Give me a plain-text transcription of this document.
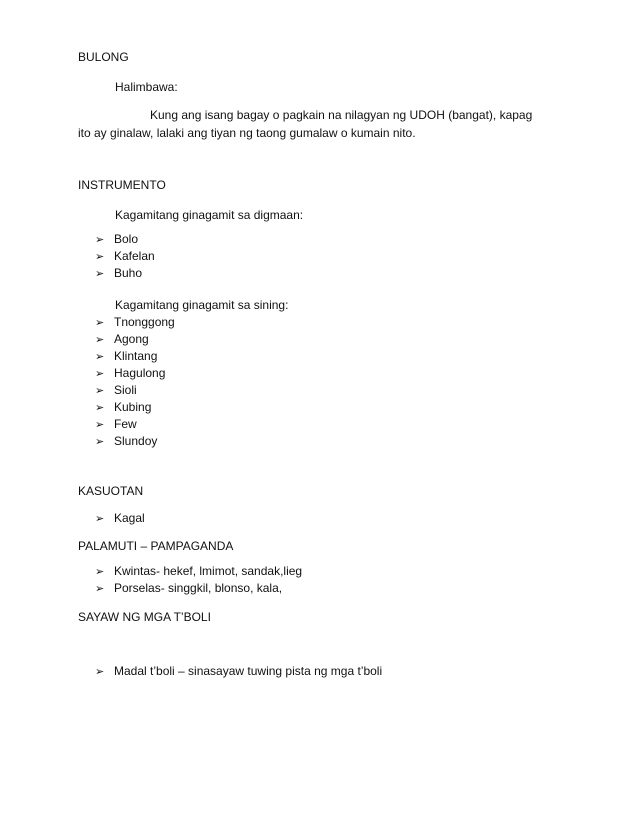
BULONG
Halimbawa:
Kung ang isang bagay o pagkain na nilagyan ng UDOH (bangat), kapag
ito ay ginalaw, lalaki ang tiyan ng taong gumalaw o kumain nito.
INSTRUMENTO
Kagamitang ginagamit sa digmaan:
➢ Bolo
➢ Kafelan
➢ Buho
Kagamitang ginagamit sa sining:
➢ Tnonggong
➢ Agong
➢ Klintang
➢ Hagulong
➢ Sioli
➢ Kubing
➢ Few
➢ Slundoy
KASUOTAN
➢ Kagal
PALAMUTI – PAMPAGANDA
➢ Kwintas- hekef, lmimot, sandak,lieg
➢ Porselas- singgkil, blonso, kala,
SAYAW NG MGA T’BOLI
➢ Madal t’boli – sinasayaw tuwing pista ng mga t’boli
